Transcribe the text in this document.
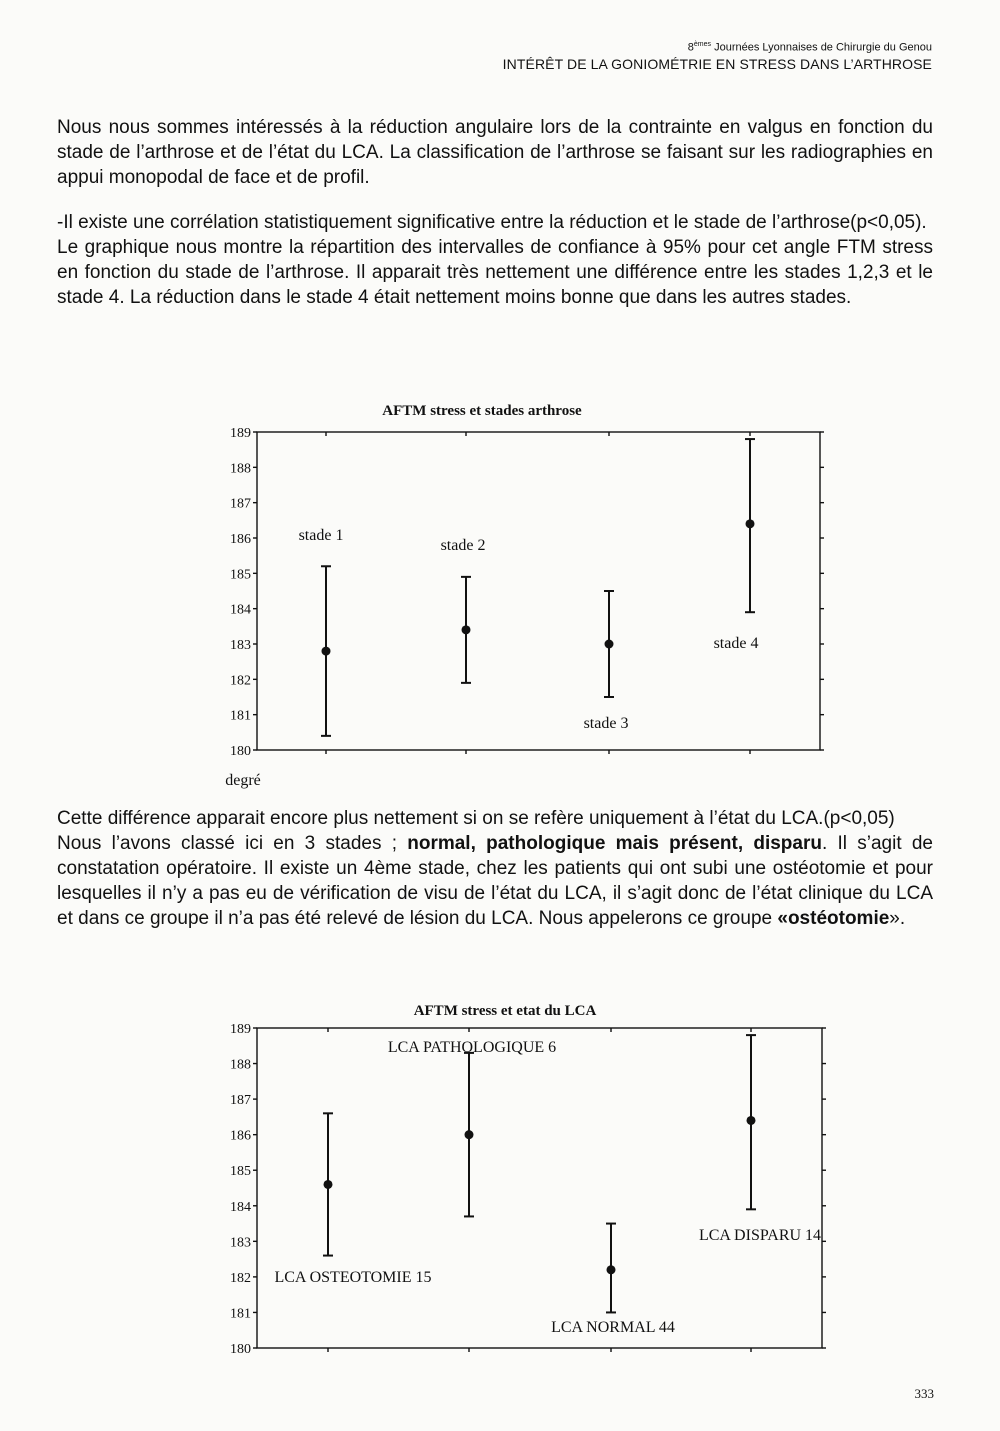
8èmes Journées Lyonnaises de Chirurgie du Genou
INTÉRÊT DE LA GONIOMÉTRIE EN STRESS DANS L’ARTHROSE

Nous nous sommes intéressés à la réduction angulaire lors de la contrainte en valgus en fonction du stade de l’arthrose et de l’état du LCA. La classification de l’arthrose se faisant sur les radiographies en appui monopodal de face et de profil.

-Il existe une corrélation statistiquement significative entre la réduction et le stade de l’arthrose(p<0,05).

Le graphique nous montre la répartition des intervalles de confiance à 95% pour cet angle FTM stress en fonction du stade de l’arthrose. Il apparait très nettement une différence entre les stades 1,2,3 et le stade 4. La réduction dans le stade 4 était nettement moins bonne que dans les autres stades.

AFTM stress et stades arthrose
180
181
182
183
184
185
186
187
188
189
stade 1
stade 2
stade 3
stade 4
degré

Cette différence apparait encore plus nettement si on se refère uniquement à l’état du LCA.(p<0,05)

Nous l’avons classé ici en 3 stades ; normal, pathologique mais présent, disparu. Il s’agit de constatation opératoire. Il existe un 4ème stade, chez les patients qui ont subi une ostéotomie et pour lesquelles il n’y a pas eu de vérification de visu de l’état du LCA, il s’agit donc de l’état clinique du LCA et dans ce groupe il n’a pas été relevé de lésion du LCA. Nous appelerons ce groupe «ostéotomie».

AFTM stress et etat du LCA
180
181
182
183
184
185
186
187
188
189
LCA OSTEOTOMIE 15
LCA PATHOLOGIQUE 6
LCA NORMAL 44
LCA DISPARU 14
333
